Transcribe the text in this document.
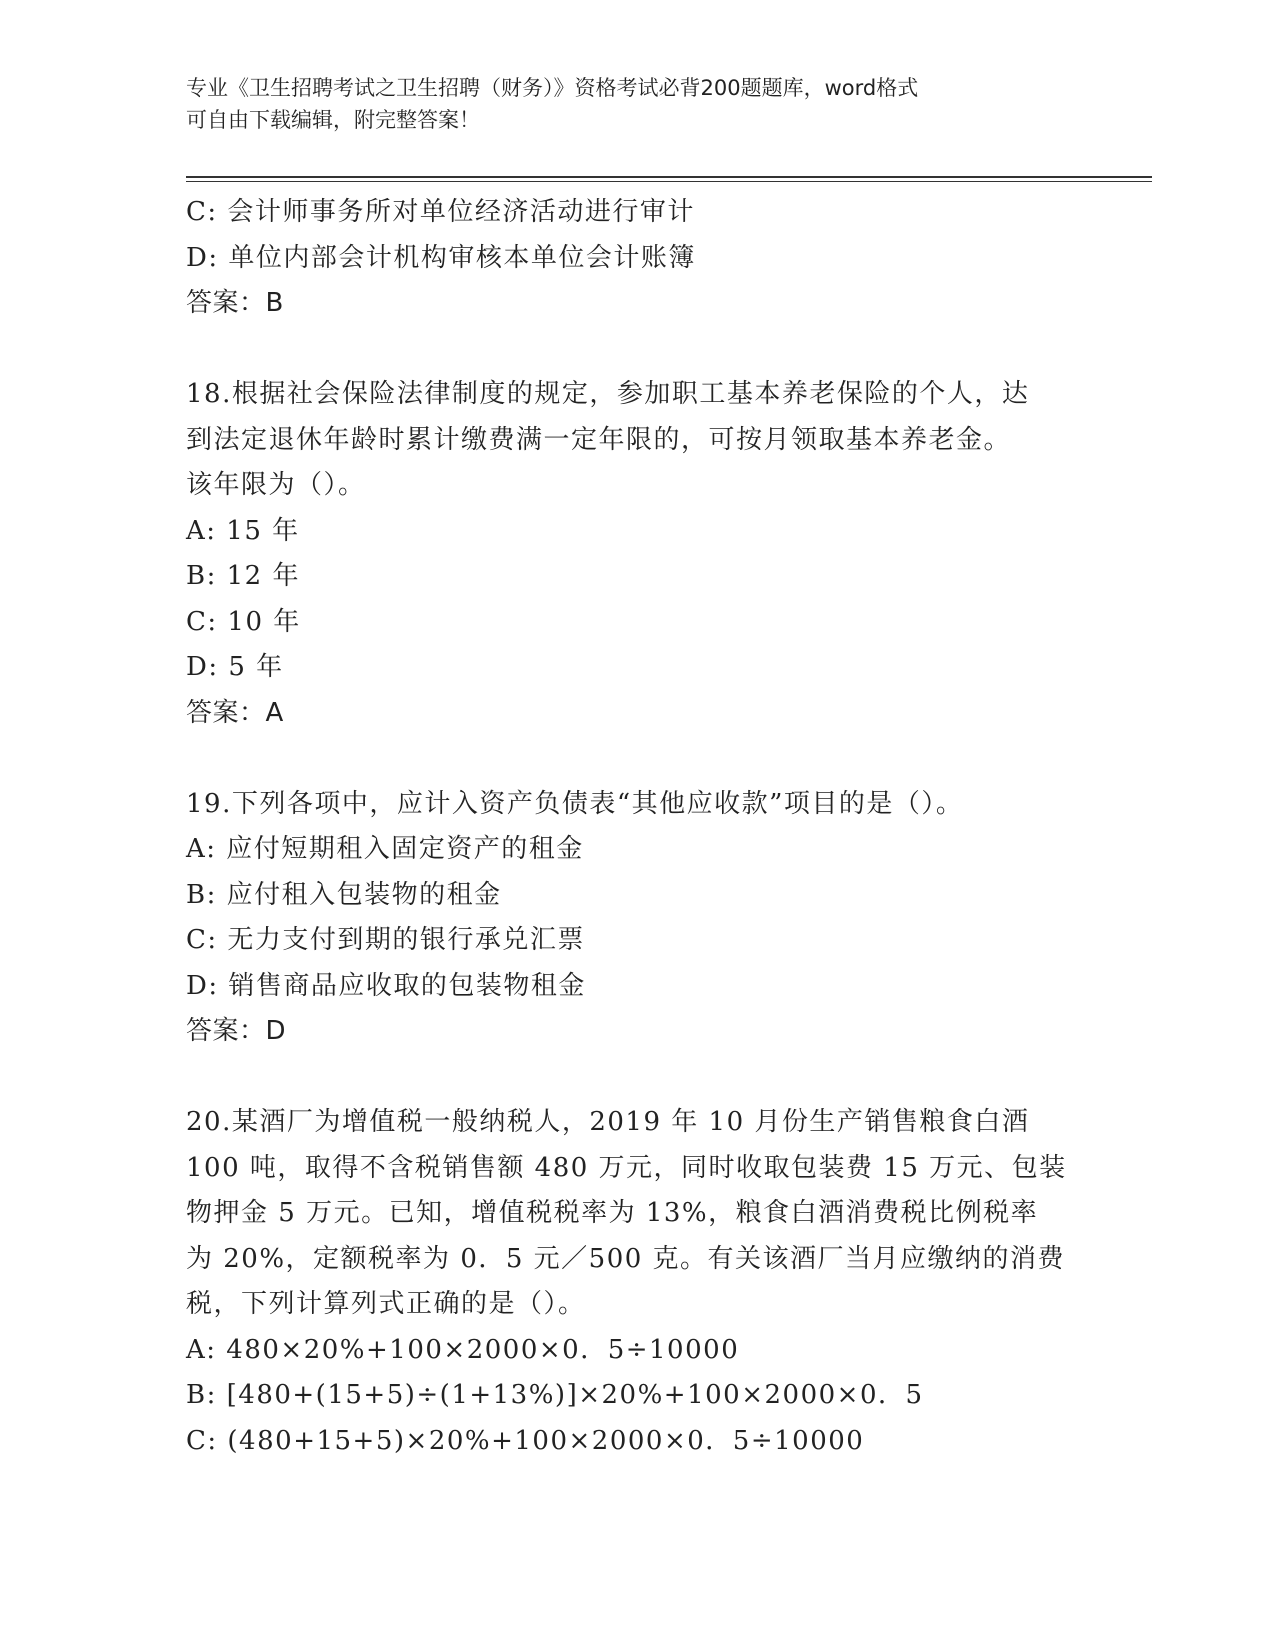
专业《卫生招聘考试之卫生招聘（财务）》资格考试必背200题题库，word格式
可自由下载编辑，附完整答案！
C: 会计师事务所对单位经济活动进行审计
D: 单位内部会计机构审核本单位会计账簿
答案：B
18.根据社会保险法律制度的规定，参加职工基本养老保险的个人，达
到法定退休年龄时累计缴费满一定年限的，可按月领取基本养老金。
该年限为（）。
A: 15 年
B: 12 年
C: 10 年
D: 5 年
答案：A
19.下列各项中，应计入资产负债表“其他应收款”项目的是（）。
A: 应付短期租入固定资产的租金
B: 应付租入包装物的租金
C: 无力支付到期的银行承兑汇票
D: 销售商品应收取的包装物租金
答案：D
20.某酒厂为增值税一般纳税人，2019 年 10 月份生产销售粮食白酒
100 吨，取得不含税销售额 480 万元，同时收取包装费 15 万元、包装
物押金 5 万元。已知，增值税税率为 13%，粮食白酒消费税比例税率
为 20%，定额税率为 0．5 元／500 克。有关该酒厂当月应缴纳的消费
税，下列计算列式正确的是（）。
A: 480×20%+100×2000×0．5÷10000
B: [480+(15+5)÷(1+13%)]×20%+100×2000×0．5
C: (480+15+5)×20%+100×2000×0．5÷10000
